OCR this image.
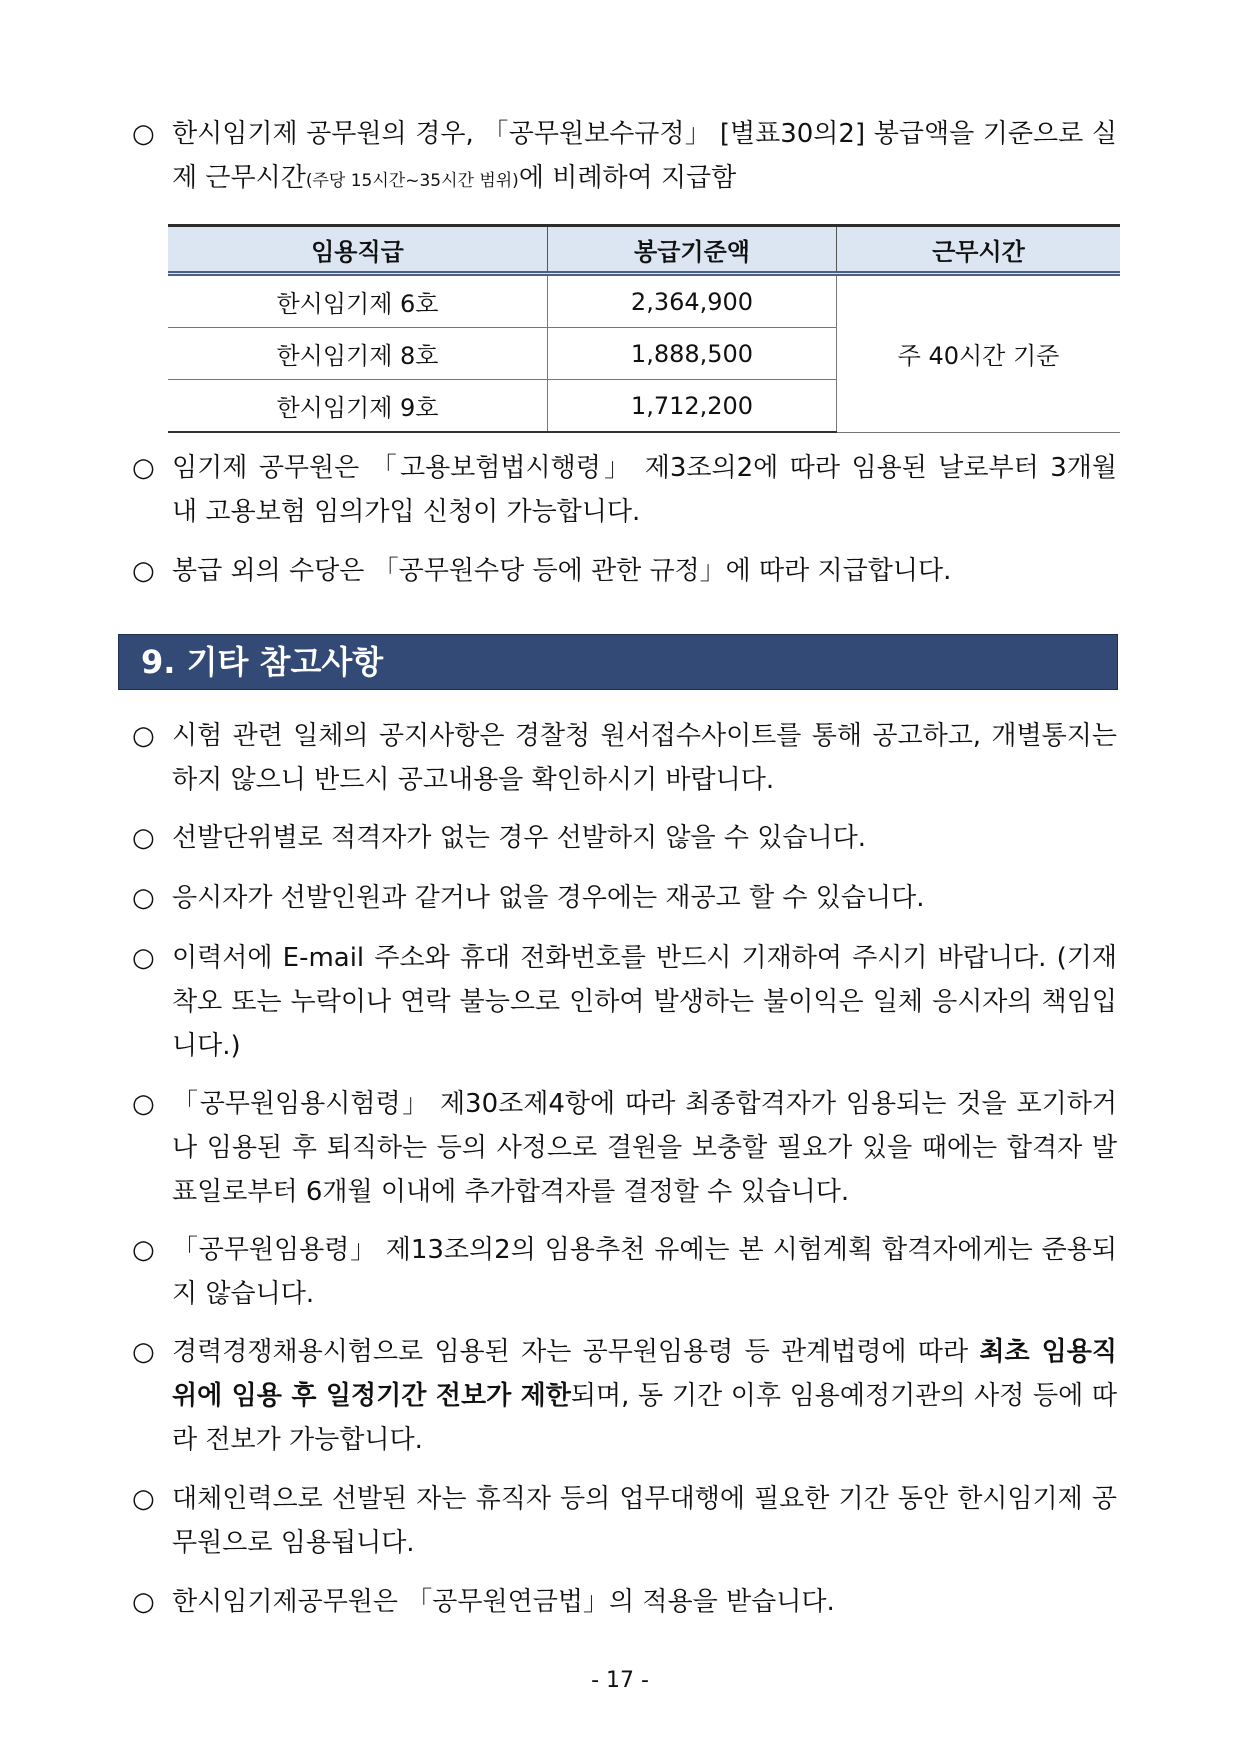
○ 한시임기제 공무원의 경우, 「공무원보수규정」 [별표30의2] 봉급액을 기준으로 실제 근무시간(주당 15시간~35시간 범위)에 비례하여 지급함
임용직급	봉급기준액	근무시간
한시임기제 6호	2,364,900	주 40시간 기준
한시임기제 8호	1,888,500	
한시임기제 9호	1,712,200	
○ 임기제 공무원은 「고용보험법시행령」 제3조의2에 따라 임용된 날로부터 3개월 내 고용보험 임의가입 신청이 가능합니다.
○ 봉급 외의 수당은 「공무원수당 등에 관한 규정」에 따라 지급합니다.
9. 기타 참고사항
○ 시험 관련 일체의 공지사항은 경찰청 원서접수사이트를 통해 공고하고, 개별통지는 하지 않으니 반드시 공고내용을 확인하시기 바랍니다.
○ 선발단위별로 적격자가 없는 경우 선발하지 않을 수 있습니다.
○ 응시자가 선발인원과 같거나 없을 경우에는 재공고 할 수 있습니다.
○ 이력서에 E-mail 주소와 휴대 전화번호를 반드시 기재하여 주시기 바랍니다. (기재 착오 또는 누락이나 연락 불능으로 인하여 발생하는 불이익은 일체 응시자의 책임입니다.)
○ 「공무원임용시험령」 제30조제4항에 따라 최종합격자가 임용되는 것을 포기하거나 임용된 후 퇴직하는 등의 사정으로 결원을 보충할 필요가 있을 때에는 합격자 발표일로부터 6개월 이내에 추가합격자를 결정할 수 있습니다.
○ 「공무원임용령」 제13조의2의 임용추천 유예는 본 시험계획 합격자에게는 준용되지 않습니다.
○ 경력경쟁채용시험으로 임용된 자는 공무원임용령 등 관계법령에 따라 최초 임용직위에 임용 후 일정기간 전보가 제한되며, 동 기간 이후 임용예정기관의 사정 등에 따라 전보가 가능합니다.
○ 대체인력으로 선발된 자는 휴직자 등의 업무대행에 필요한 기간 동안 한시임기제 공무원으로 임용됩니다.
○ 한시임기제공무원은 「공무원연금법」의 적용을 받습니다.
- 17 -
